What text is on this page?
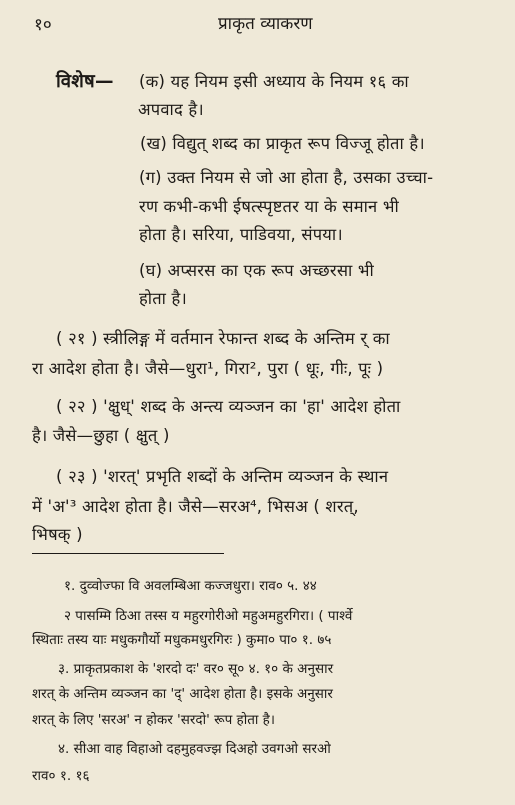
१०	प्राकृत व्याकरण
विशेष— (क) यह नियम इसी अध्याय के नियम १६ का
अपवाद है।
(ख) विद्युत् शब्द का प्राकृत रूप विज्जू होता है।
(ग) उक्त नियम से जो आ होता है, उसका उच्चा-
रण कभी-कभी ईषत्स्पृष्टतर या के समान भी
होता है। सरिया, पाडिवया, संपया।
(घ) अप्सरस का एक रूप अच्छरसा भी
होता है।
( २१ ) स्त्रीलिङ्ग में वर्तमान रेफान्त शब्द के अन्तिम र् का
रा आदेश होता है। जैसे—धुरा¹, गिरा², पुरा ( धूः, गीः, पूः )
( २२ ) 'क्षुध्' शब्द के अन्त्य व्यञ्जन का 'हा' आदेश होता
है। जैसे—छुहा ( क्षुत् )
( २३ ) 'शरत्' प्रभृति शब्दों के अन्तिम व्यञ्जन के स्थान
में 'अ'³ आदेश होता है। जैसे—सरअ⁴, भिसअ ( शरत्,
भिषक् )
१. दुव्वोज्फा वि अवलम्बिआ कज्जधुरा। राव० ५. ४४
२ पासम्मि ठिआ तस्स य महुरगोरीओ महुअमहुरगिरा। ( पार्श्वे
स्थिताः तस्य याः मधुकगौर्यो मधुकमधुरगिरः ) कुमा० पा० १. ७५
३. प्राकृतप्रकाश के 'शरदो दः' वर० सू० ४. १० के अनुसार
शरत् के अन्तिम व्यञ्जन का 'द्' आदेश होता है। इसके अनुसार
शरत् के लिए 'सरअ' न होकर 'सरदो' रूप होता है।
४. सीआ वाह विहाओ दहमुहवज्झ दिअहो उवगओ सरओ
राव० १. १६
